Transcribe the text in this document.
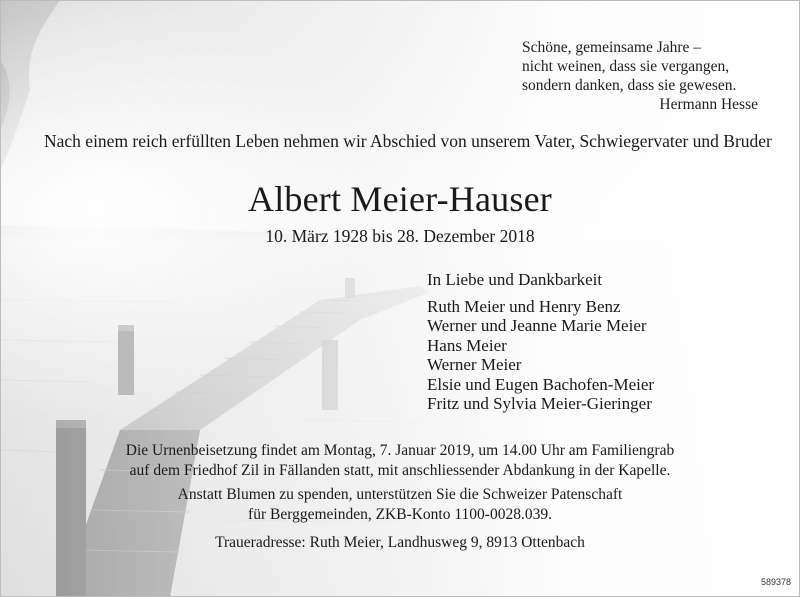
Schöne, gemeinsame Jahre –
nicht weinen, dass sie vergangen,
sondern danken, dass sie gewesen.
Hermann Hesse
Nach einem reich erfüllten Leben nehmen wir Abschied von unserem Vater, Schwiegervater und Bruder
Albert Meier-Hauser
10. März 1928 bis 28. Dezember 2018
In Liebe und Dankbarkeit
Ruth Meier und Henry Benz
Werner und Jeanne Marie Meier
Hans Meier
Werner Meier
Elsie und Eugen Bachofen-Meier
Fritz und Sylvia Meier-Gieringer
Die Urnenbeisetzung findet am Montag, 7. Januar 2019, um 14.00 Uhr am Familiengrab
auf dem Friedhof Zil in Fällanden statt, mit anschliessender Abdankung in der Kapelle.
Anstatt Blumen zu spenden, unterstützen Sie die Schweizer Patenschaft
für Berggemeinden, ZKB-Konto 1100-0028.039.
Traueradresse: Ruth Meier, Landhusweg 9, 8913 Ottenbach
589378
